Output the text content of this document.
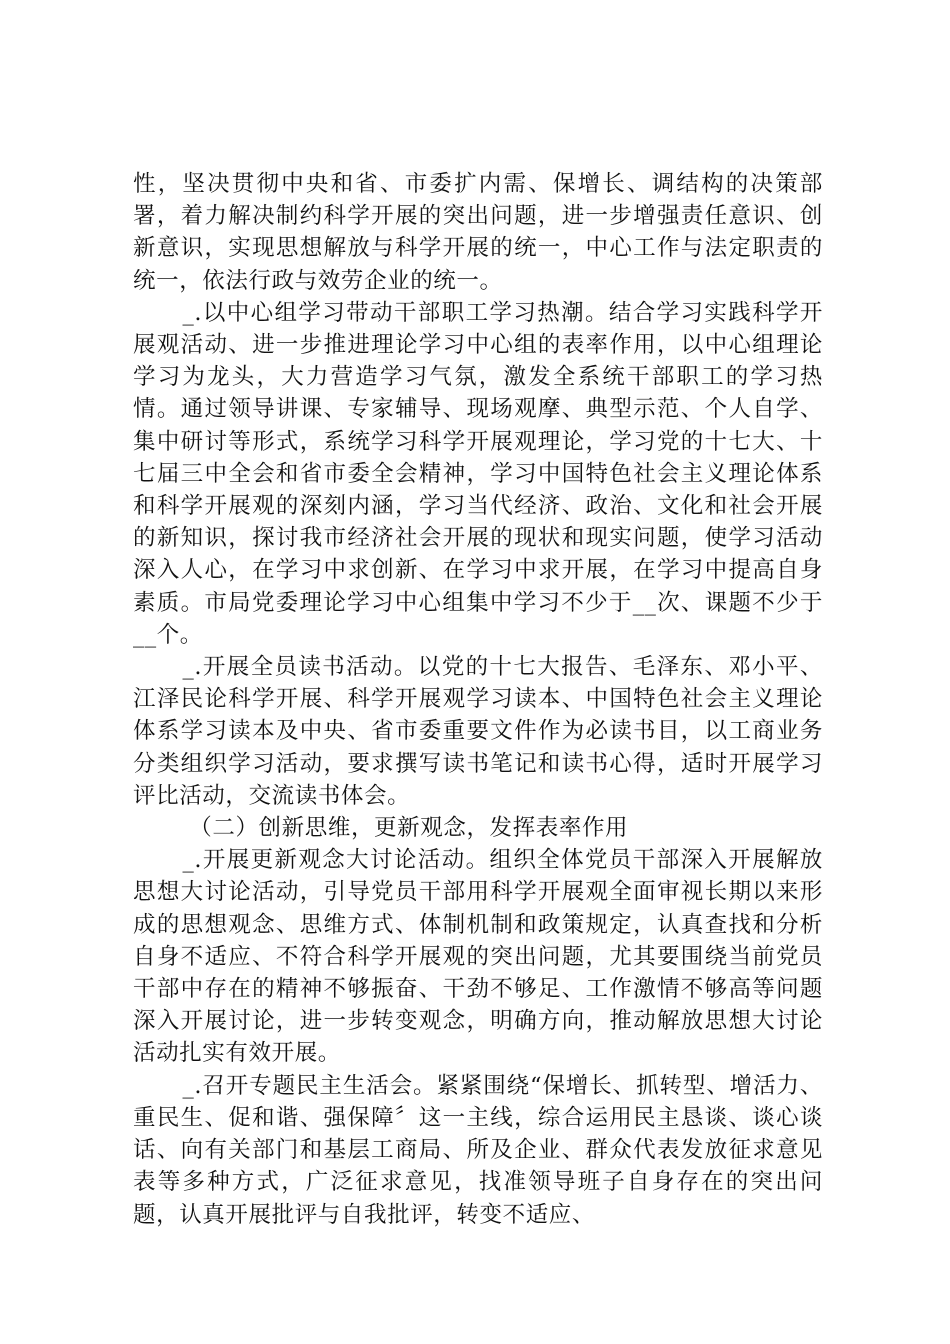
性，坚决贯彻中央和省、市委扩内需、保增长、调结构的决策部署，着力解决制约科学开展的突出问题，进一步增强责任意识、创新意识，实现思想解放与科学开展的统一，中心工作与法定职责的统一，依法行政与效劳企业的统一。

_.以中心组学习带动干部职工学习热潮。结合学习实践科学开展观活动、进一步推进理论学习中心组的表率作用，以中心组理论学习为龙头，大力营造学习气氛，激发全系统干部职工的学习热情。通过领导讲课、专家辅导、现场观摩、典型示范、个人自学、集中研讨等形式，系统学习科学开展观理论，学习党的十七大、十七届三中全会和省市委全会精神，学习中国特色社会主义理论体系和科学开展观的深刻内涵，学习当代经济、政治、文化和社会开展的新知识，探讨我市经济社会开展的现状和现实问题，使学习活动深入人心，在学习中求创新、在学习中求开展，在学习中提高自身素质。市局党委理论学习中心组集中学习不少于__次、课题不少于__个。

_.开展全员读书活动。以党的十七大报告、毛泽东、邓小平、江泽民论科学开展、科学开展观学习读本、中国特色社会主义理论体系学习读本及中央、省市委重要文件作为必读书目，以工商业务分类组织学习活动，要求撰写读书笔记和读书心得，适时开展学习评比活动，交流读书体会。

（二）创新思维，更新观念，发挥表率作用

_.开展更新观念大讨论活动。组织全体党员干部深入开展解放思想大讨论活动，引导党员干部用科学开展观全面审视长期以来形成的思想观念、思维方式、体制机制和政策规定，认真查找和分析自身不适应、不符合科学开展观的突出问题，尤其要围绕当前党员干部中存在的精神不够振奋、干劲不够足、工作激情不够高等问题深入开展讨论，进一步转变观念，明确方向，推动解放思想大讨论活动扎实有效开展。

_.召开专题民主生活会。紧紧围绕“保增长、抓转型、增活力、重民生、促和谐、强保障〞这一主线，综合运用民主恳谈、谈心谈话、向有关部门和基层工商局、所及企业、群众代表发放征求意见表等多种方式，广泛征求意见，找准领导班子自身存在的突出问题，认真开展批评与自我批评，转变不适应、
